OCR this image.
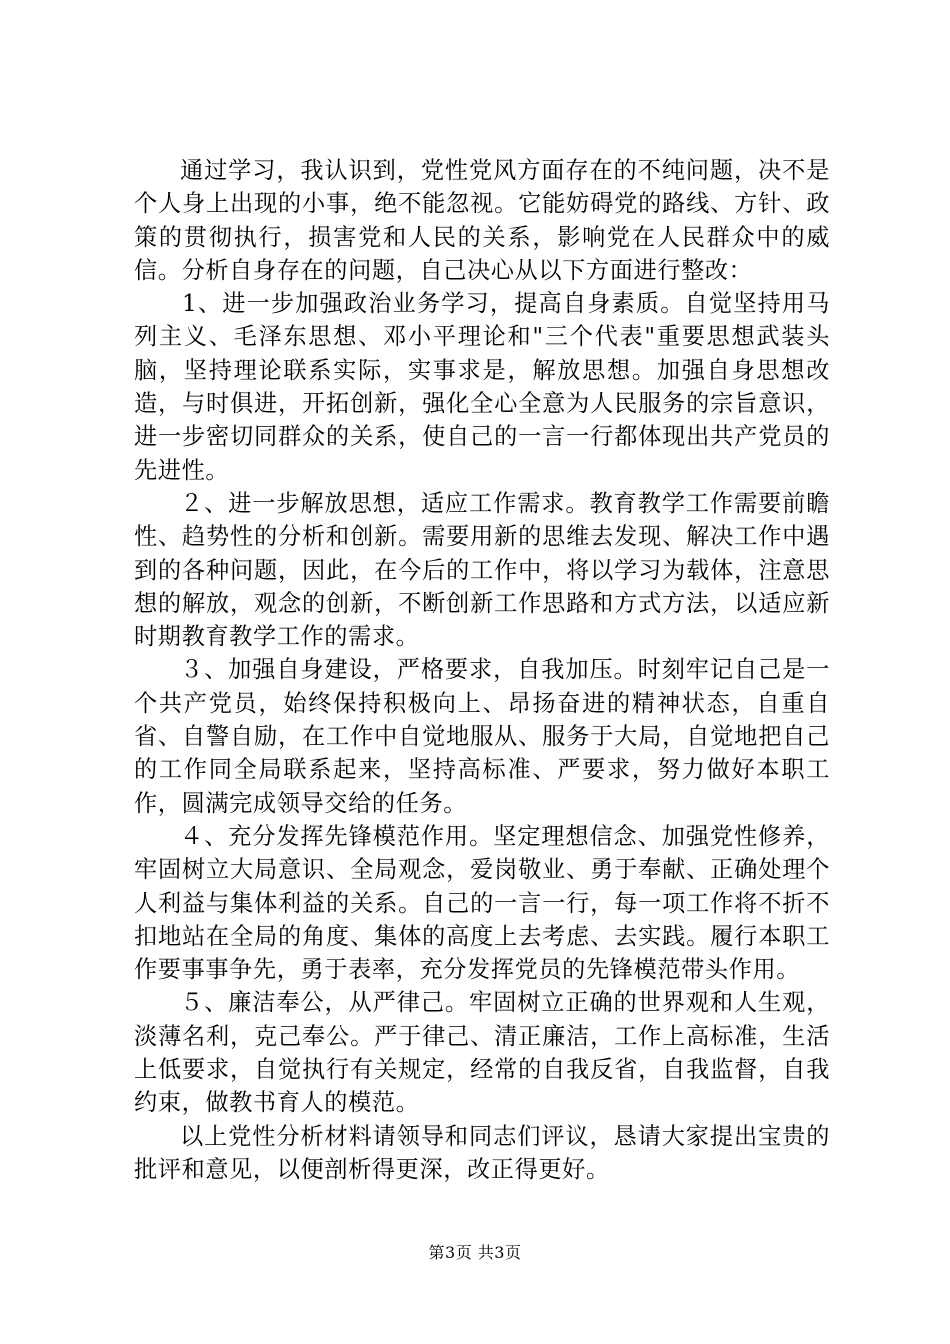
通过学习，我认识到，党性党风方面存在的不纯问题，决不是个人身上出现的小事，绝不能忽视。它能妨碍党的路线、方针、政策的贯彻执行，损害党和人民的关系，影响党在人民群众中的威信。分析自身存在的问题，自己决心从以下方面进行整改：

1、进一步加强政治业务学习，提高自身素质。自觉坚持用马列主义、毛泽东思想、邓小平理论和"三个代表"重要思想武装头脑，坚持理论联系实际，实事求是，解放思想。加强自身思想改造，与时俱进，开拓创新，强化全心全意为人民服务的宗旨意识，进一步密切同群众的关系，使自己的一言一行都体现出共产党员的先进性。

２、进一步解放思想，适应工作需求。教育教学工作需要前瞻性、趋势性的分析和创新。需要用新的思维去发现、解决工作中遇到的各种问题，因此，在今后的工作中，将以学习为载体，注意思想的解放，观念的创新，不断创新工作思路和方式方法，以适应新时期教育教学工作的需求。

３、加强自身建设，严格要求，自我加压。时刻牢记自己是一个共产党员，始终保持积极向上、昂扬奋进的精神状态，自重自省、自警自励，在工作中自觉地服从、服务于大局，自觉地把自己的工作同全局联系起来，坚持高标准、严要求，努力做好本职工作，圆满完成领导交给的任务。

４、充分发挥先锋模范作用。坚定理想信念、加强党性修养，牢固树立大局意识、全局观念，爱岗敬业、勇于奉献、正确处理个人利益与集体利益的关系。自己的一言一行，每一项工作将不折不扣地站在全局的角度、集体的高度上去考虑、去实践。履行本职工作要事事争先，勇于表率，充分发挥党员的先锋模范带头作用。

５、廉洁奉公，从严律己。牢固树立正确的世界观和人生观，淡薄名利，克己奉公。严于律己、清正廉洁，工作上高标准，生活上低要求，自觉执行有关规定，经常的自我反省，自我监督，自我约束，做教书育人的模范。

以上党性分析材料请领导和同志们评议，恳请大家提出宝贵的批评和意见，以便剖析得更深，改正得更好。

第3页 共3页
